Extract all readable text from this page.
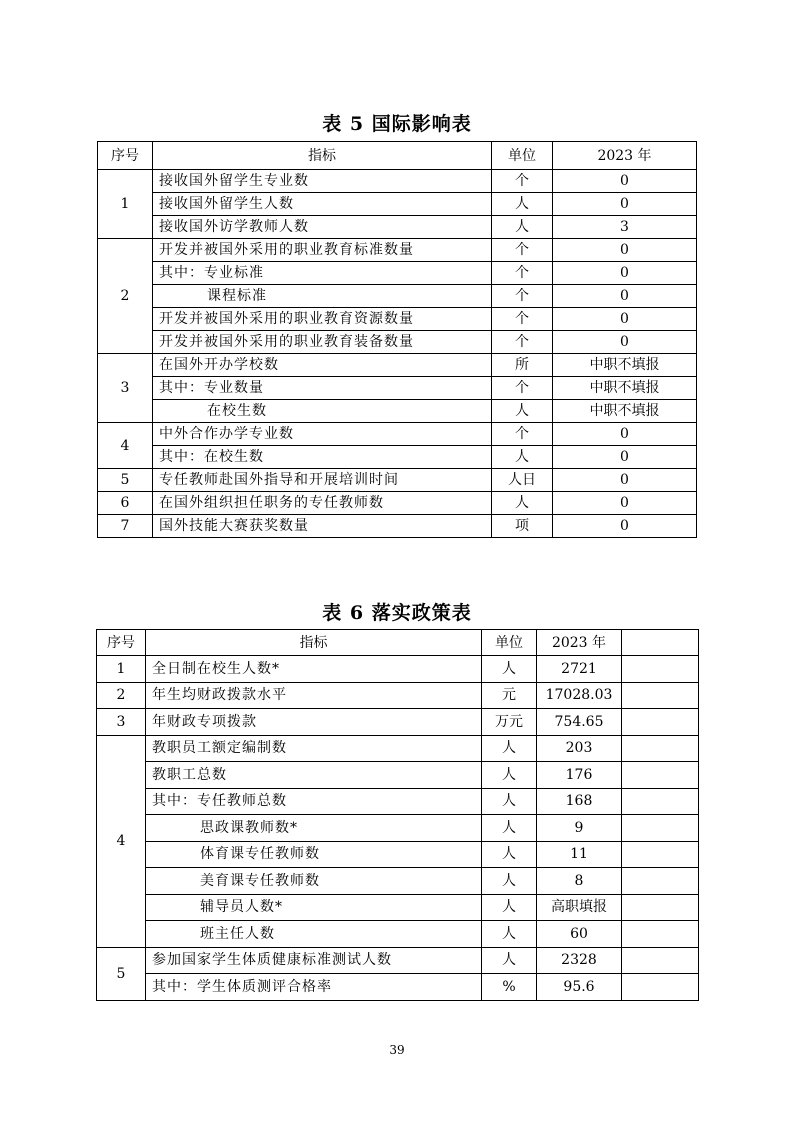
表 5 国际影响表
序号	指标	单位	2023 年
1	接收国外留学生专业数	个	0
	接收国外留学生人数	人	0
	接收国外访学教师人数	人	3
2	开发并被国外采用的职业教育标准数量	个	0
	其中：专业标准	个	0
	课程标准	个	0
	开发并被国外采用的职业教育资源数量	个	0
	开发并被国外采用的职业教育装备数量	个	0
3	在国外开办学校数	所	中职不填报
	其中：专业数量	个	中职不填报
	在校生数	人	中职不填报
4	中外合作办学专业数	个	0
	其中：在校生数	人	0
5	专任教师赴国外指导和开展培训时间	人日	0
6	在国外组织担任职务的专任教师数	人	0
7	国外技能大赛获奖数量	项	0
表 6 落实政策表
序号	指标	单位	2023 年	
1	全日制在校生人数*	人	2721	
2	年生均财政拨款水平	元	17028.03	
3	年财政专项拨款	万元	754.65	
4	教职员工额定编制数	人	203	
	教职工总数	人	176	
	其中：专任教师总数	人	168	
	思政课教师数*	人	9	
	体育课专任教师数	人	11	
	美育课专任教师数	人	8	
	辅导员人数*	人	高职填报	
	班主任人数	人	60	
5	参加国家学生体质健康标准测试人数	人	2328	
	其中：学生体质测评合格率	%	95.6	
39
